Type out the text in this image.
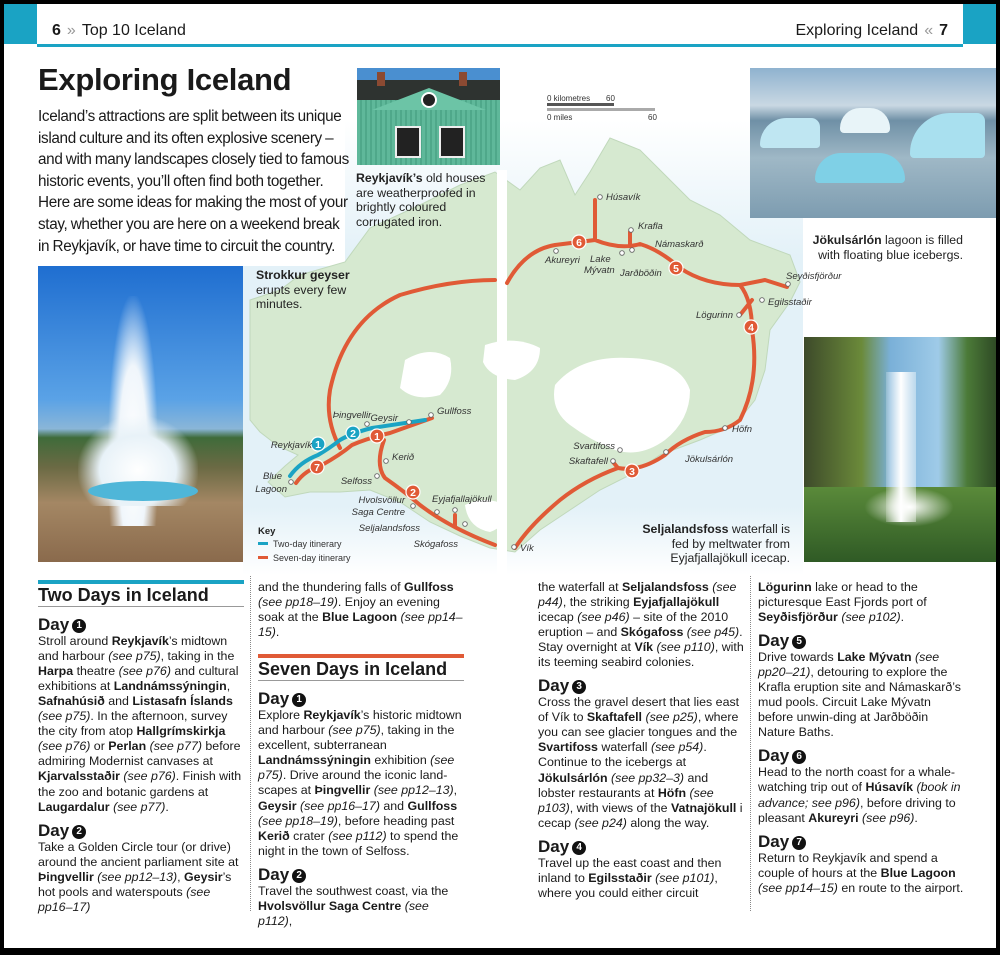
1
7
2
3
4
5
6
1
2
Þingvellir Geysir
Gullfoss
Reykjavík
Blue
Lagoon
Kerið
Selfoss
Hvolsvöllur
Saga Centre
Seljalandsfoss
Eyjafjallajökull
Skógafoss	Vík
Svartifoss
Skaftafell	Jökulsárlón
Höfn
Lögurinn
Egilsstaðir
Seyðisfjörður
Námaskarð
Krafla
Húsavík
Akureyri Lake
Mývatn Jarðböðin
0 kilometres 60
0 miles	60
Key
Two-day itinerary
Seven-day itinerary
6 » Top 10 Iceland	Exploring Iceland « 7
Exploring Iceland
Iceland’s attractions are split between its unique island culture and its often explosive scenery – and with many landscapes closely tied to famous historic events, you’ll often find both together. Here are some ideas for making the most of your stay, whether you are here on a weekend break in Reykjavík, or have time to circuit the country.
Reykjavík’s old houses are weatherproofed in brightly coloured corrugated iron.
Jökulsárlón lagoon is filled with floating blue icebergs.
Strokkur geyser erupts every few minutes.
Seljalandsfoss waterfall is fed by meltwater from Eyjafjallajökull icecap.
Two Days in Iceland
Day 1

Stroll around Reykjavík’s midtown and harbour (see p75), taking in the Harpa theatre (see p76) and cultural exhibitions at Landnámssýningin, Safnahúsið and Listasafn Íslands (see p75). In the afternoon, survey the city from atop Hallgrímskirkja (see p76) or Perlan (see p77) before admiring Modernist canvases at Kjarvalsstaðir (see p76). Finish with the zoo and botanic gardens at Laugardalur (see p77).

Day 2

Take a Golden Circle tour (or drive) around the ancient parliament site at Þingvellir (see pp12–13), Geysir’s hot pools and waterspouts (see pp16–17)

and the thundering falls of Gullfoss (see pp18–19). Enjoy an evening soak at the Blue Lagoon (see pp14–15).

Seven Days in Iceland
Day 1

Explore Reykjavík’s historic midtown and harbour (see p75), taking in the excellent, subterranean Landnámssýningin exhibition (see p75). Drive around the iconic land-scapes at Þingvellir (see pp12–13), Geysir (see pp16–17) and Gullfoss (see pp18–19), before heading past Kerið crater (see p112) to spend the night in the town of Selfoss.

Day 2

Travel the southwest coast, via the Hvolsvöllur Saga Centre (see p112),

the waterfall at Seljalandsfoss (see p44), the striking Eyjafjallajökull icecap (see p46) – site of the 2010 eruption – and Skógafoss (see p45). Stay overnight at Vík (see p110), with its teeming seabird colonies.

Day 3

Cross the gravel desert that lies east of Vík to Skaftafell (see p25), where you can see glacier tongues and the Svartifoss waterfall (see p54). Continue to the icebergs at Jökulsárlón (see pp32–3) and lobster restaurants at Höfn (see p103), with views of the Vatnajökull i cecap (see p24) along the way.

Day 4

Travel up the east coast and then inland to Egilsstaðir (see p101), where you could either circuit

Lögurinn lake or head to the picturesque East Fjords port of Seyðisfjörður (see p102).

Day 5

Drive towards Lake Mývatn (see pp20–21), detouring to explore the Krafla eruption site and Námaskarð’s mud pools. Circuit Lake Mývatn before unwin-ding at Jarðböðin Nature Baths.

Day 6

Head to the north coast for a whale-watching trip out of Húsavík (book in advance; see p96), before driving to pleasant Akureyri (see p96).

Day 7

Return to Reykjavík and spend a couple of hours at the Blue Lagoon (see pp14–15) en route to the airport.
